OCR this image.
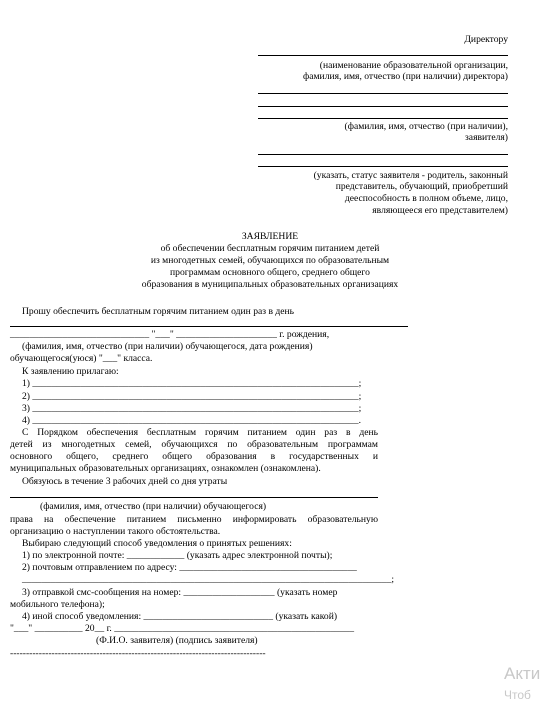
Директору
(наименование образовательной организации,
фамилия, имя, отчество (при наличии) директора)
(фамилия, имя, отчество (при наличии),
заявителя)
(указать, статус заявителя - родитель, законный
представитель, обучающий, приобретший
дееспособность в полном объеме, лицо,
являющееся его представителем)
ЗАЯВЛЕНИЕ
об обеспечении бесплатным горячим питанием детей
из многодетных семей, обучающихся по образовательным
программам основного общего, среднего общего
образования в муниципальных образовательных организациях
Прошу обеспечить бесплатным горячим питанием один раз в день
_____________________________ "___" _____________________ г. рождения,
(фамилия, имя, отчество (при наличии) обучающегося, дата рождения)
обучающегося(уюся) "___" класса.
К заявлению прилагаю:
1) ____________________________________________________________________;
2) ____________________________________________________________________;
3) ____________________________________________________________________;
4) ____________________________________________________________________.
С Порядком обеспечения бесплатным горячим питанием один раз в день
детей из многодетных семей, обучающихся по образовательным программам
основного общего, среднего общего образования в государственных и
муниципальных образовательных организациях, ознакомлен (ознакомлена).
Обязуюсь в течение 3 рабочих дней со дня утраты
(фамилия, имя, отчество (при наличии) обучающегося)
права на обеспечение питанием письменно информировать образовательную
организацию о наступлении такого обстоятельства.
Выбираю следующий способ уведомления о принятых решениях:
1) по электронной почте: ____________ (указать адрес электронной почты);
2) почтовым отправлением по адресу: _____________________________________
_____________________________________________________________________________;
3) отправкой смс-сообщения на номер: ___________________ (указать номер
мобильного телефона);
4) иной способ уведомления: ___________________________ (указать какой)
"___" __________ 20__ г. __________________________________________________
(Ф.И.О. заявителя) (подпись заявителя)
--------------------------------------------------------------------------------
Акти
Чтоб
